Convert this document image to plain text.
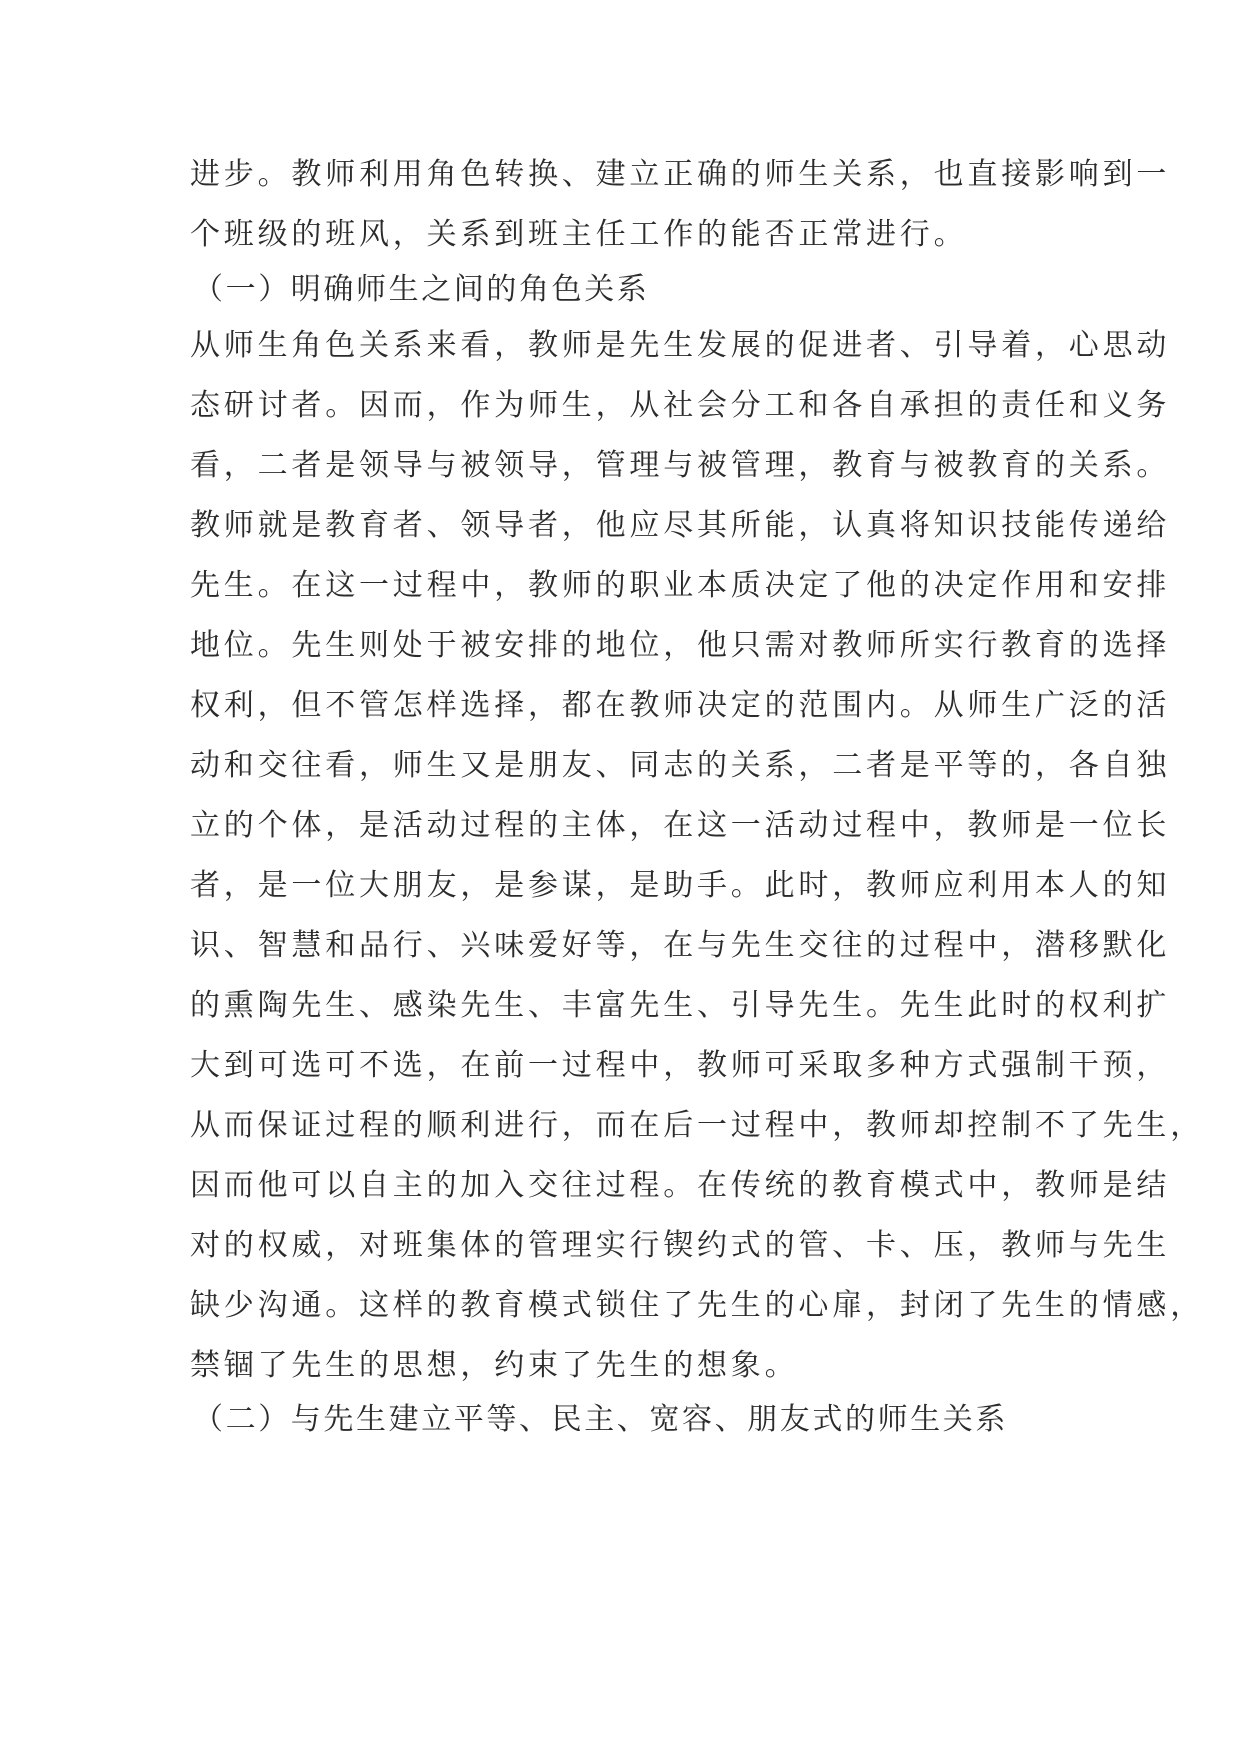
进步。教师利用角色转换、建立正确的师生关系，也直接影响到一
个班级的班风，关系到班主任工作的能否正常进行。
（一）明确师生之间的角色关系
从师生角色关系来看，教师是先生发展的促进者、引导着，心思动
态研讨者。因而，作为师生，从社会分工和各自承担的责任和义务
看，二者是领导与被领导，管理与被管理，教育与被教育的关系。
教师就是教育者、领导者，他应尽其所能，认真将知识技能传递给
先生。在这一过程中，教师的职业本质决定了他的决定作用和安排
地位。先生则处于被安排的地位，他只需对教师所实行教育的选择
权利，但不管怎样选择，都在教师决定的范围内。从师生广泛的活
动和交往看，师生又是朋友、同志的关系，二者是平等的，各自独
立的个体，是活动过程的主体，在这一活动过程中，教师是一位长
者，是一位大朋友，是参谋，是助手。此时，教师应利用本人的知
识、智慧和品行、兴味爱好等，在与先生交往的过程中，潜移默化
的熏陶先生、感染先生、丰富先生、引导先生。先生此时的权利扩
大到可选可不选，在前一过程中，教师可采取多种方式强制干预，
从而保证过程的顺利进行，而在后一过程中，教师却控制不了先生，
因而他可以自主的加入交往过程。在传统的教育模式中，教师是结
对的权威，对班集体的管理实行锲约式的管、卡、压，教师与先生
缺少沟通。这样的教育模式锁住了先生的心扉，封闭了先生的情感，
禁锢了先生的思想，约束了先生的想象。
（二）与先生建立平等、民主、宽容、朋友式的师生关系
